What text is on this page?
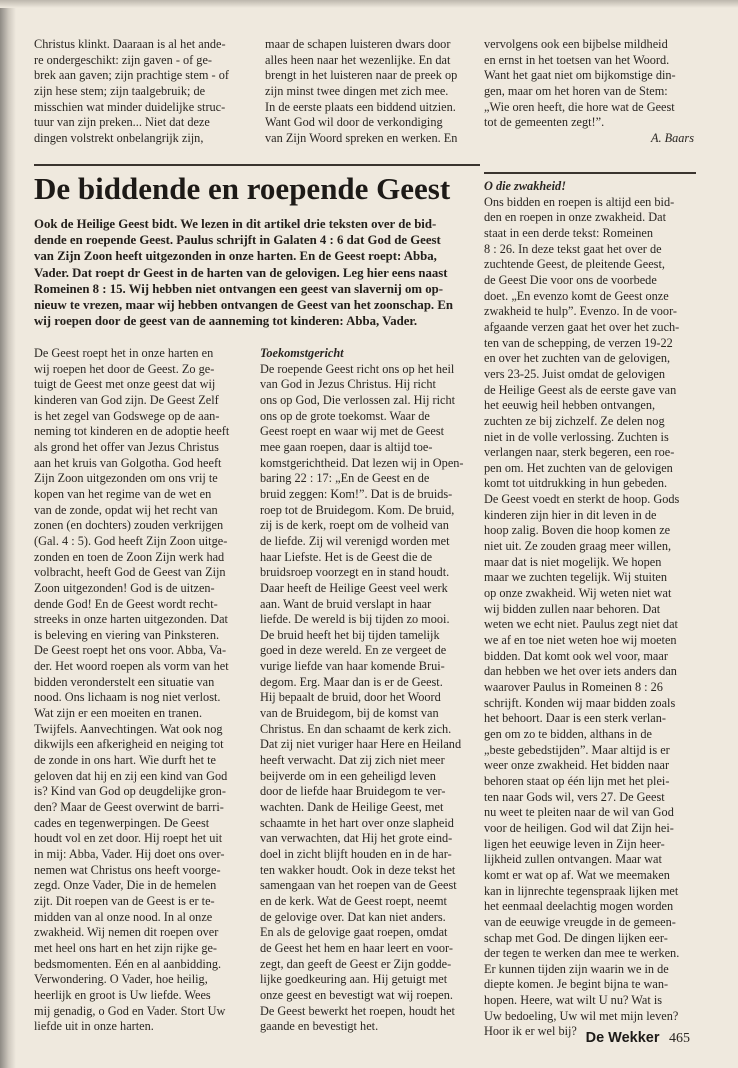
Christus klinkt. Daaraan is al het ande-
re ondergeschikt: zijn gaven - of ge-
brek aan gaven; zijn prachtige stem - of
zijn hese stem; zijn taalgebruik; de
misschien wat minder duidelijke struc-
tuur van zijn preken... Niet dat deze
dingen volstrekt onbelangrijk zijn,
maar de schapen luisteren dwars door
alles heen naar het wezenlijke. En dat
brengt in het luisteren naar de preek op
zijn minst twee dingen met zich mee.
In de eerste plaats een biddend uitzien.
Want God wil door de verkondiging
van Zijn Woord spreken en werken. En
vervolgens ook een bijbelse mildheid
en ernst in het toetsen van het Woord.
Want het gaat niet om bijkomstige din-
gen, maar om het horen van de Stem:
„Wie oren heeft, die hore wat de Geest
tot de gemeenten zegt!”.

A. Baars

De biddende en roepende Geest
Ook de Heilige Geest bidt. We lezen in dit artikel drie teksten over de bid-
dende en roepende Geest. Paulus schrijft in Galaten 4 : 6 dat God de Geest
van Zijn Zoon heeft uitgezonden in onze harten. En de Geest roept: Abba,
Vader. Dat roept dr Geest in de harten van de gelovigen. Leg hier eens naast
Romeinen 8 : 15. Wij hebben niet ontvangen een geest van slavernij om op-
nieuw te vrezen, maar wij hebben ontvangen de Geest van het zoonschap. En
wij roepen door de geest van de aanneming tot kinderen: Abba, Vader.
De Geest roept het in onze harten en
wij roepen het door de Geest. Zo ge-
tuigt de Geest met onze geest dat wij
kinderen van God zijn. De Geest Zelf
is het zegel van Godswege op de aan-
neming tot kinderen en de adoptie heeft
als grond het offer van Jezus Christus
aan het kruis van Golgotha. God heeft
Zijn Zoon uitgezonden om ons vrij te
kopen van het regime van de wet en
van de zonde, opdat wij het recht van
zonen (en dochters) zouden verkrijgen
(Gal. 4 : 5). God heeft Zijn Zoon uitge-
zonden en toen de Zoon Zijn werk had
volbracht, heeft God de Geest van Zijn
Zoon uitgezonden! God is de uitzen-
dende God! En de Geest wordt recht-
streeks in onze harten uitgezonden. Dat
is beleving en viering van Pinksteren.
De Geest roept het ons voor. Abba, Va-
der. Het woord roepen als vorm van het
bidden veronderstelt een situatie van
nood. Ons lichaam is nog niet verlost.
Wat zijn er een moeiten en tranen.
Twijfels. Aanvechtingen. Wat ook nog
dikwijls een afkerigheid en neiging tot
de zonde in ons hart. Wie durft het te
geloven dat hij en zij een kind van God
is? Kind van God op deugdelijke gron-
den? Maar de Geest overwint de barri-
cades en tegenwerpingen. De Geest
houdt vol en zet door. Hij roept het uit
in mij: Abba, Vader. Hij doet ons over-
nemen wat Christus ons heeft voorge-
zegd. Onze Vader, Die in de hemelen
zijt. Dit roepen van de Geest is er te-
midden van al onze nood. In al onze
zwakheid. Wij nemen dit roepen over
met heel ons hart en het zijn rijke ge-
bedsmomenten. Eén en al aanbidding.
Verwondering. O Vader, hoe heilig,
heerlijk en groot is Uw liefde. Wees
mij genadig, o God en Vader. Stort Uw
liefde uit in onze harten.

Toekomstgericht

De roepende Geest richt ons op het heil
van God in Jezus Christus. Hij richt
ons op God, Die verlossen zal. Hij richt
ons op de grote toekomst. Waar de
Geest roept en waar wij met de Geest
mee gaan roepen, daar is altijd toe-
komstgerichtheid. Dat lezen wij in Open-
baring 22 : 17: „En de Geest en de
bruid zeggen: Kom!”. Dat is de bruids-
roep tot de Bruidegom. Kom. De bruid,
zij is de kerk, roept om de volheid van
de liefde. Zij wil verenigd worden met
haar Liefste. Het is de Geest die de
bruidsroep voorzegt en in stand houdt.
Daar heeft de Heilige Geest veel werk
aan. Want de bruid verslapt in haar
liefde. De wereld is bij tijden zo mooi.
De bruid heeft het bij tijden tamelijk
goed in deze wereld. En ze vergeet de
vurige liefde van haar komende Brui-
degom. Erg. Maar dan is er de Geest.
Hij bepaalt de bruid, door het Woord
van de Bruidegom, bij de komst van
Christus. En dan schaamt de kerk zich.
Dat zij niet vuriger haar Here en Heiland
heeft verwacht. Dat zij zich niet meer
beijverde om in een geheiligd leven
door de liefde haar Bruidegom te ver-
wachten. Dank de Heilige Geest, met
schaamte in het hart over onze slapheid
van verwachten, dat Hij het grote eind-
doel in zicht blijft houden en in de har-
ten wakker houdt. Ook in deze tekst het
samengaan van het roepen van de Geest
en de kerk. Wat de Geest roept, neemt
de gelovige over. Dat kan niet anders.
En als de gelovige gaat roepen, omdat
de Geest het hem en haar leert en voor-
zegt, dan geeft de Geest er Zijn godde-
lijke goedkeuring aan. Hij getuigt met
onze geest en bevestigt wat wij roepen.
De Geest bewerkt het roepen, houdt het
gaande en bevestigt het.

O die zwakheid!

Ons bidden en roepen is altijd een bid-
den en roepen in onze zwakheid. Dat
staat in een derde tekst: Romeinen
8 : 26. In deze tekst gaat het over de
zuchtende Geest, de pleitende Geest,
de Geest Die voor ons de voorbede
doet. „En evenzo komt de Geest onze
zwakheid te hulp”. Evenzo. In de voor-
afgaande verzen gaat het over het zuch-
ten van de schepping, de verzen 19-22
en over het zuchten van de gelovigen,
vers 23-25. Juist omdat de gelovigen
de Heilige Geest als de eerste gave van
het eeuwig heil hebben ontvangen,
zuchten ze bij zichzelf. Ze delen nog
niet in de volle verlossing. Zuchten is
verlangen naar, sterk begeren, een roe-
pen om. Het zuchten van de gelovigen
komt tot uitdrukking in hun gebeden.
De Geest voedt en sterkt de hoop. Gods
kinderen zijn hier in dit leven in de
hoop zalig. Boven die hoop komen ze
niet uit. Ze zouden graag meer willen,
maar dat is niet mogelijk. We hopen
maar we zuchten tegelijk. Wij stuiten
op onze zwakheid. Wij weten niet wat
wij bidden zullen naar behoren. Dat
weten we echt niet. Paulus zegt niet dat
we af en toe niet weten hoe wij moeten
bidden. Dat komt ook wel voor, maar
dan hebben we het over iets anders dan
waarover Paulus in Romeinen 8 : 26
schrijft. Konden wij maar bidden zoals
het behoort. Daar is een sterk verlan-
gen om zo te bidden, althans in de
„beste gebedstijden”. Maar altijd is er
weer onze zwakheid. Het bidden naar
behoren staat op één lijn met het plei-
ten naar Gods wil, vers 27. De Geest
nu weet te pleiten naar de wil van God
voor de heiligen. God wil dat Zijn hei-
ligen het eeuwige leven in Zijn heer-
lijkheid zullen ontvangen. Maar wat
komt er wat op af. Wat we meemaken
kan in lijnrechte tegenspraak lijken met
het eenmaal deelachtig mogen worden
van de eeuwige vreugde in de gemeen-
schap met God. De dingen lijken eer-
der tegen te werken dan mee te werken.
Er kunnen tijden zijn waarin we in de
diepte komen. Je begint bijna te wan-
hopen. Heere, wat wilt U nu? Wat is
Uw bedoeling, Uw wil met mijn leven?
Hoor ik er wel bij? De Wekker 465
